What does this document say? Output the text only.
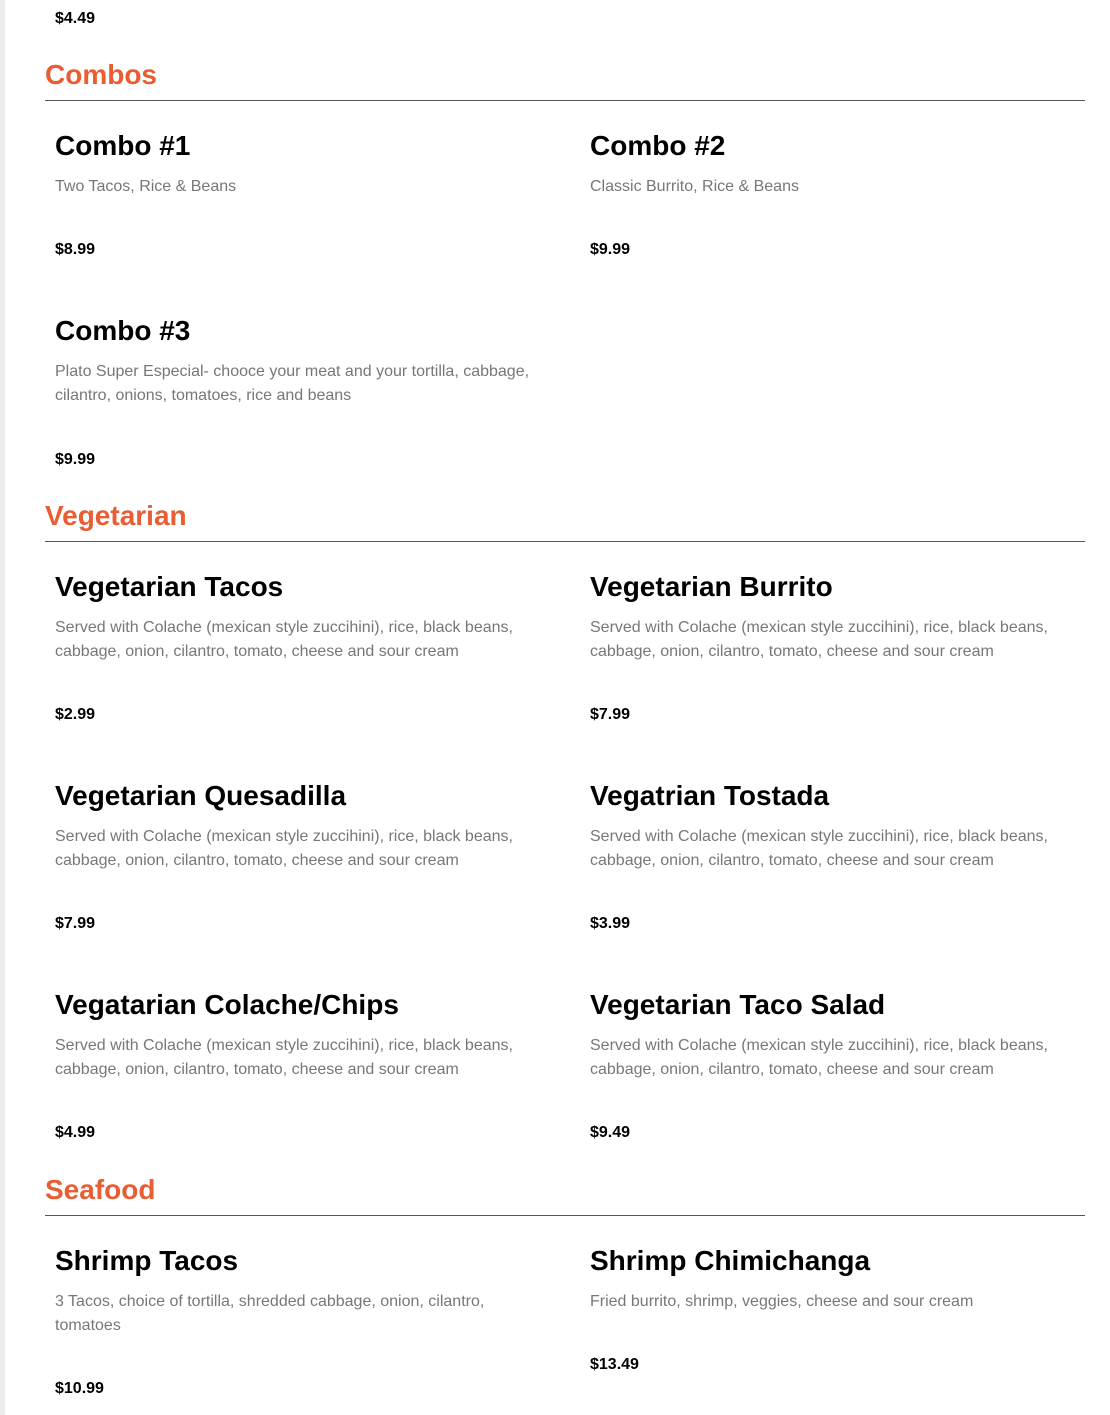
$4.49
Combos
Combo #1
Two Tacos, Rice & Beans
$8.99
Combo #2
Classic Burrito, Rice & Beans
$9.99
Combo #3
Plato Super Especial- chooce your meat and your tortilla, cabbage, cilantro, onions, tomatoes, rice and beans
$9.99
Vegetarian
Vegetarian Tacos
Served with Colache (mexican style zuccihini), rice, black beans, cabbage, onion, cilantro, tomato, cheese and sour cream
$2.99
Vegetarian Burrito
Served with Colache (mexican style zuccihini), rice, black beans, cabbage, onion, cilantro, tomato, cheese and sour cream
$7.99
Vegetarian Quesadilla
Served with Colache (mexican style zuccihini), rice, black beans, cabbage, onion, cilantro, tomato, cheese and sour cream
$7.99
Vegatrian Tostada
Served with Colache (mexican style zuccihini), rice, black beans, cabbage, onion, cilantro, tomato, cheese and sour cream
$3.99
Vegatarian Colache/Chips
Served with Colache (mexican style zuccihini), rice, black beans, cabbage, onion, cilantro, tomato, cheese and sour cream
$4.99
Vegetarian Taco Salad
Served with Colache (mexican style zuccihini), rice, black beans, cabbage, onion, cilantro, tomato, cheese and sour cream
$9.49
Seafood
Shrimp Tacos
3 Tacos, choice of tortilla, shredded cabbage, onion, cilantro, tomatoes
$10.99
Shrimp Chimichanga
Fried burrito, shrimp, veggies, cheese and sour cream
$13.49
